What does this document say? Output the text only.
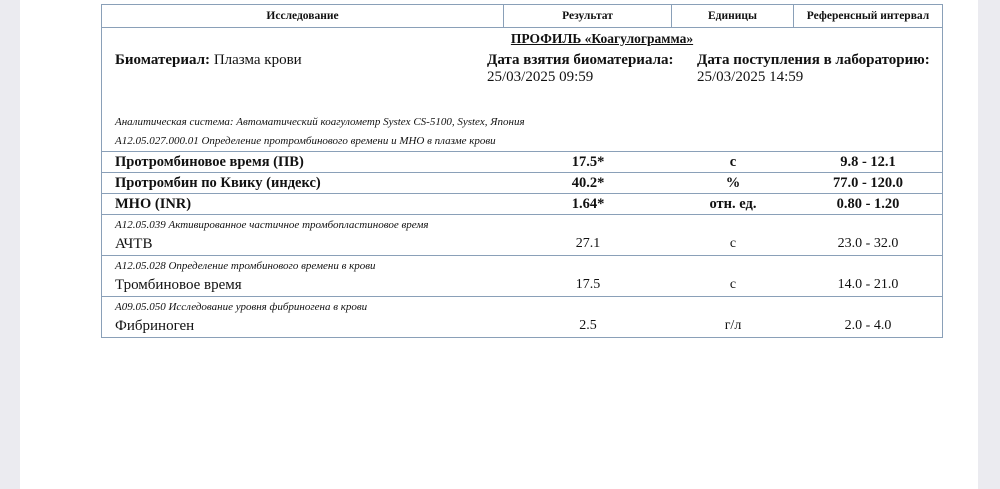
Исследование	Результат	Единицы	Референсный интервал
ПРОФИЛЬ «Коагулограмма»
Биоматериал: Плазма крови	Дата взятия биоматериала:
25/03/2025 09:59
Дата поступления в лабораторию:
25/03/2025 14:59
Аналитическая система: Автоматический коагулометр Systex CS-5100, Systex, Япония
A12.05.027.000.01 Определение протромбинового времени и МНО в плазме крови
Протромбиновое время (ПВ)	17.5*	с	9.8 - 12.1
Протромбин по Квику (индекс)	40.2*	%	77.0 - 120.0
МНО (INR)	1.64*	отн. ед.	0.80 - 1.20
A12.05.039 Активированное частичное тромбопластиновое время
АЧТВ	27.1	с	23.0 - 32.0
A12.05.028 Определение тромбинового времени в крови
Тромбиновое время	17.5	с	14.0 - 21.0
A09.05.050 Исследование уровня фибриногена в крови
Фибриноген	2.5	г/л	2.0 - 4.0
